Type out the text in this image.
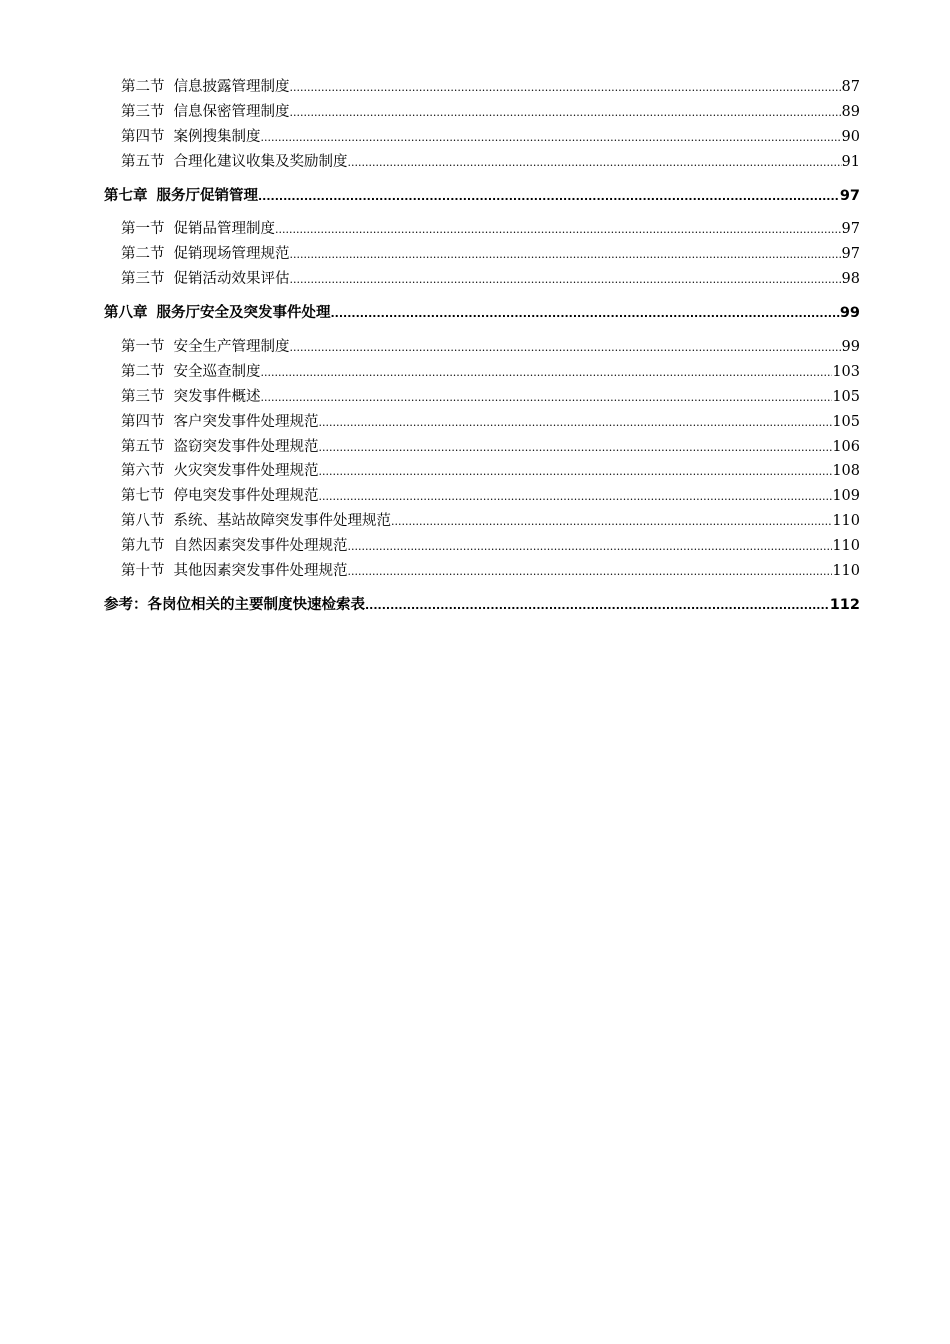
第二节 信息披露管理制度 .....	87
第三节 信息保密管理制度 .....	89
第四节 案例搜集制度 .....	90
第五节 合理化建议收集及奖励制度 .....	91
第七章 服务厅促销管理 .....	97
第一节 促销品管理制度 .....	97
第二节 促销现场管理规范 .....	97
第三节 促销活动效果评估 .....	98
第八章 服务厅安全及突发事件处理 .....	99
第一节 安全生产管理制度 .....	99
第二节 安全巡查制度 .....	103
第三节 突发事件概述 .....	105
第四节 客户突发事件处理规范 .....	105
第五节 盗窃突发事件处理规范 .....	106
第六节 火灾突发事件处理规范 .....	108
第七节 停电突发事件处理规范 .....	109
第八节 系统、基站故障突发事件处理规范 .....	110
第九节 自然因素突发事件处理规范 .....	110
第十节 其他因素突发事件处理规范 .....	110
参考：各岗位相关的主要制度快速检索表 .....	112
